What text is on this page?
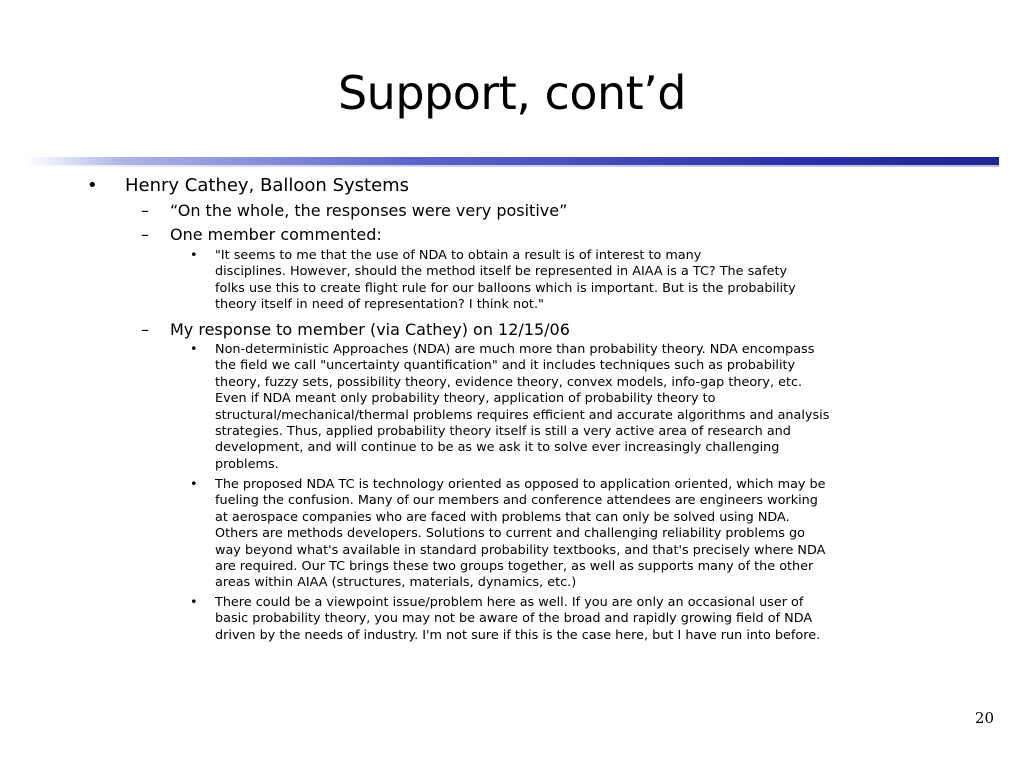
Support, cont’d
• Henry Cathey, Balloon Systems
– “On the whole, the responses were very positive”
– One member commented:
• "It seems to me that the use of NDA to obtain a result is of interest to many
disciplines. However, should the method itself be represented in AIAA is a TC? The safety
folks use this to create flight rule for our balloons which is important. But is the probability
theory itself in need of representation? I think not."
– My response to member (via Cathey) on 12/15/06
• Non-deterministic Approaches (NDA) are much more than probability theory. NDA encompass
the field we call "uncertainty quantification" and it includes techniques such as probability
theory, fuzzy sets, possibility theory, evidence theory, convex models, info-gap theory, etc.
Even if NDA meant only probability theory, application of probability theory to
structural/mechanical/thermal problems requires efficient and accurate algorithms and analysis
strategies. Thus, applied probability theory itself is still a very active area of research and
development, and will continue to be as we ask it to solve ever increasingly challenging
problems.
• The proposed NDA TC is technology oriented as opposed to application oriented, which may be
fueling the confusion. Many of our members and conference attendees are engineers working
at aerospace companies who are faced with problems that can only be solved using NDA.
Others are methods developers. Solutions to current and challenging reliability problems go
way beyond what's available in standard probability textbooks, and that's precisely where NDA
are required. Our TC brings these two groups together, as well as supports many of the other
areas within AIAA (structures, materials, dynamics, etc.)
• There could be a viewpoint issue/problem here as well. If you are only an occasional user of
basic probability theory, you may not be aware of the broad and rapidly growing field of NDA
driven by the needs of industry. I'm not sure if this is the case here, but I have run into before.
20
